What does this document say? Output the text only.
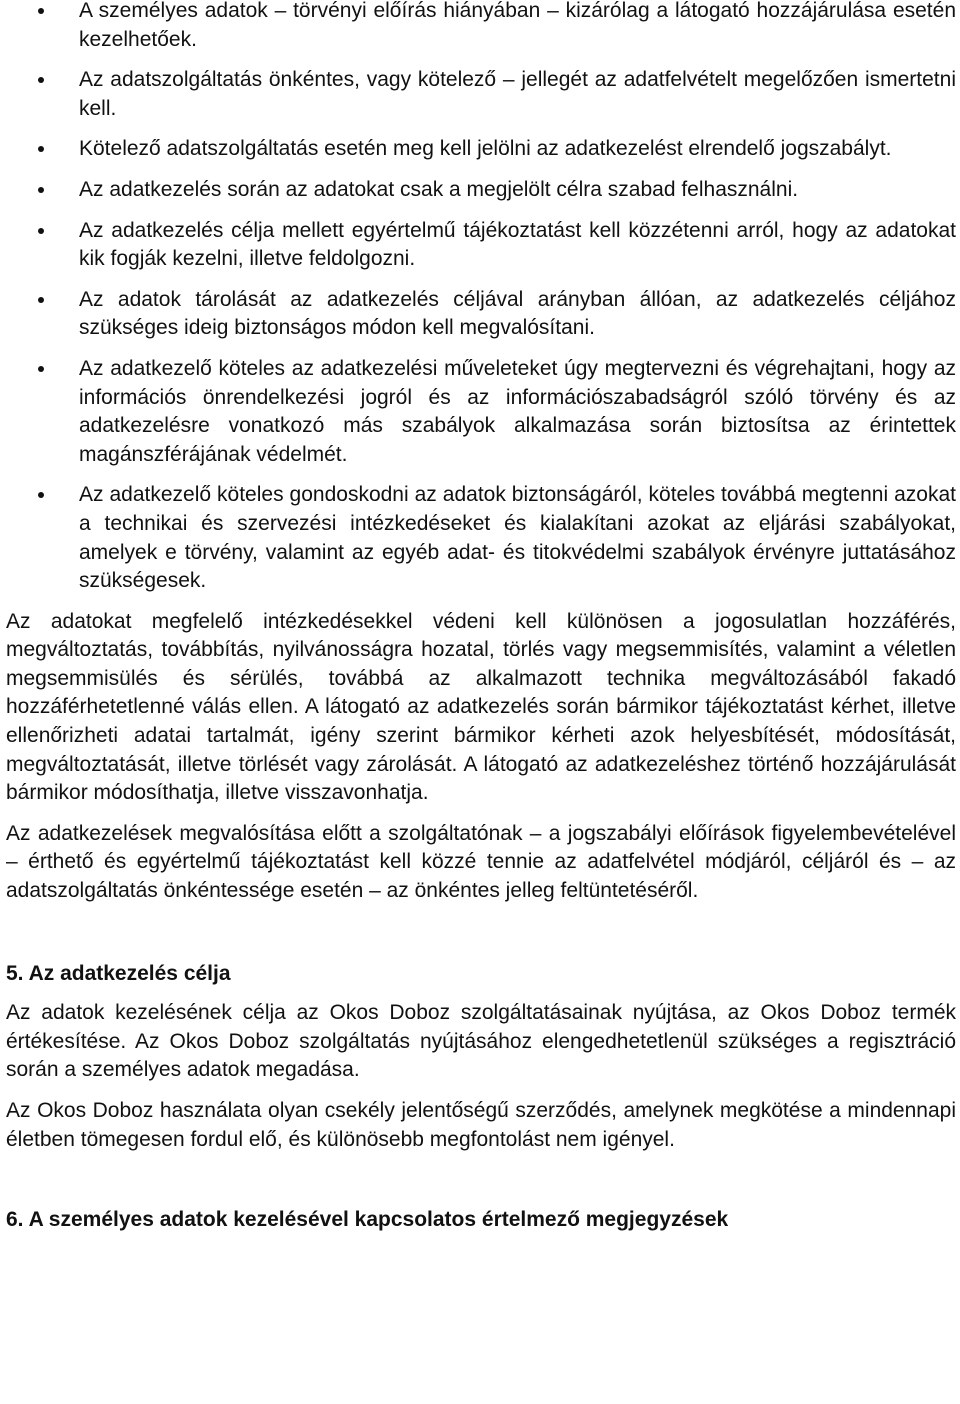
A személyes adatok – törvényi előírás hiányában – kizárólag a látogató hozzájárulása esetén kezelhetőek.
Az adatszolgáltatás önkéntes, vagy kötelező – jellegét az adatfelvételt megelőzően ismertetni kell.
Kötelező adatszolgáltatás esetén meg kell jelölni az adatkezelést elrendelő jogszabályt.
Az adatkezelés során az adatokat csak a megjelölt célra szabad felhasználni.
Az adatkezelés célja mellett egyértelmű tájékoztatást kell közzétenni arról, hogy az adatokat kik fogják kezelni, illetve feldolgozni.
Az adatok tárolását az adatkezelés céljával arányban állóan, az adatkezelés céljához szükséges ideig biztonságos módon kell megvalósítani.
Az adatkezelő köteles az adatkezelési műveleteket úgy megtervezni és végrehajtani, hogy az információs önrendelkezési jogról és az információszabadságról szóló törvény és az adatkezelésre vonatkozó más szabályok alkalmazása során biztosítsa az érintettek magánszférájának védelmét.
Az adatkezelő köteles gondoskodni az adatok biztonságáról, köteles továbbá megtenni azokat a technikai és szervezési intézkedéseket és kialakítani azokat az eljárási szabályokat, amelyek e törvény, valamint az egyéb adat- és titokvédelmi szabályok érvényre juttatásához szükségesek.

Az adatokat megfelelő intézkedésekkel védeni kell különösen a jogosulatlan hozzáférés, megváltoztatás, továbbítás, nyilvánosságra hozatal, törlés vagy megsemmisítés, valamint a véletlen megsemmisülés és sérülés, továbbá az alkalmazott technika megváltozásából fakadó hozzáférhetetlenné válás ellen. A látogató az adatkezelés során bármikor tájékoztatást kérhet, illetve ellenőrizheti adatai tartalmát, igény szerint bármikor kérheti azok helyesbítését, módosítását, megváltoztatását, illetve törlését vagy zárolását. A látogató az adatkezeléshez történő hozzájárulását bármikor módosíthatja, illetve visszavonhatja.

Az adatkezelések megvalósítása előtt a szolgáltatónak – a jogszabályi előírások figyelembevételével – érthető és egyértelmű tájékoztatást kell közzé tennie az adatfelvétel módjáról, céljáról és – az adatszolgáltatás önkéntessége esetén – az önkéntes jelleg feltüntetéséről.

5. Az adatkezelés célja

Az adatok kezelésének célja az Okos Doboz szolgáltatásainak nyújtása, az Okos Doboz termék értékesítése. Az Okos Doboz szolgáltatás nyújtásához elengedhetetlenül szükséges a regisztráció során a személyes adatok megadása.

Az Okos Doboz használata olyan csekély jelentőségű szerződés, amelynek megkötése a mindennapi életben tömegesen fordul elő, és különösebb megfontolást nem igényel.

6. A személyes adatok kezelésével kapcsolatos értelmező megjegyzések
